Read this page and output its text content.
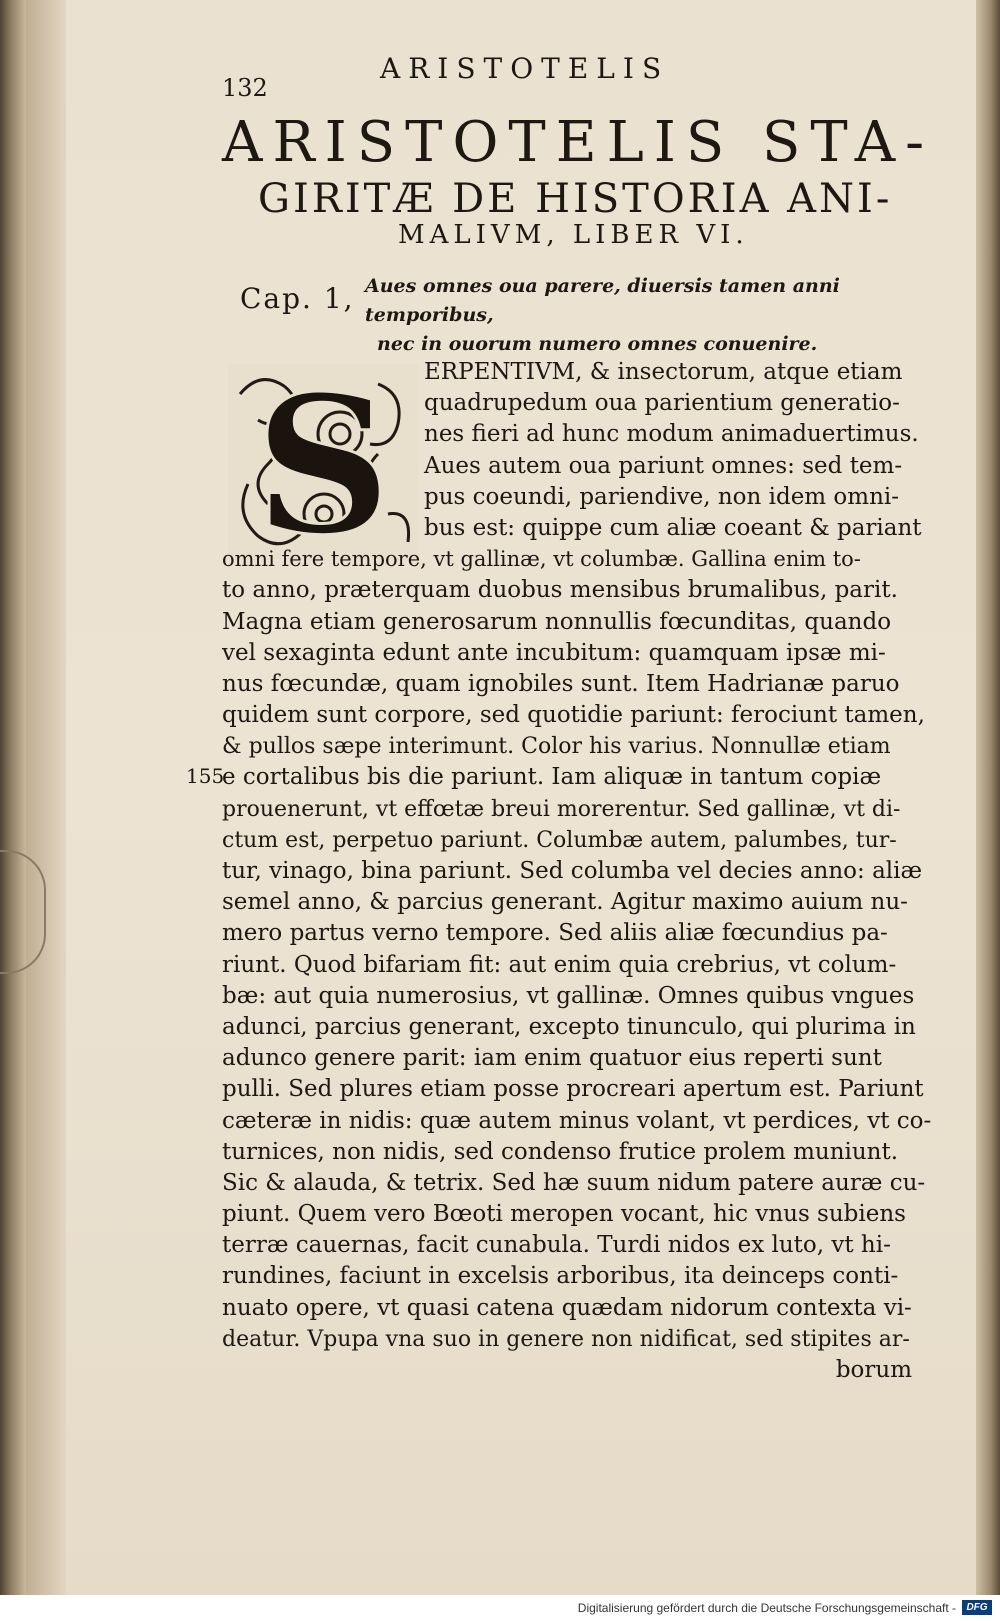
132
ARISTOTELIS
ARISTOTELIS STA-
GIRITÆ DE HISTORIA ANI-
MALIVM, LIBER VI.
Cap. 1, Aues omnes oua parere, diuersis tamen anni temporibus,
nec in ouorum numero omnes conuenire.
S
155
ERPENTIVM, & insectorum, atque etiam
quadrupedum oua parientium generatio-
nes fieri ad hunc modum animaduertimus.
Aues autem oua pariunt omnes: sed tem-
pus coeundi, pariendive, non idem omni-
bus est: quippe cum aliæ coeant & pariant
omni fere tempore, vt gallinæ, vt columbæ. Gallina enim to-
to anno, præterquam duobus mensibus brumalibus, parit.
Magna etiam generosarum nonnullis fœcunditas, quando
vel sexaginta edunt ante incubitum: quamquam ipsæ mi-
nus fœcundæ, quam ignobiles sunt. Item Hadrianæ paruo
quidem sunt corpore, sed quotidie pariunt: ferociunt tamen,
& pullos sæpe interimunt. Color his varius. Nonnullæ etiam
e cortalibus bis die pariunt. Iam aliquæ in tantum copiæ
prouenerunt, vt effœtæ breui morerentur. Sed gallinæ, vt di-
ctum est, perpetuo pariunt. Columbæ autem, palumbes, tur-
tur, vinago, bina pariunt. Sed columba vel decies anno: aliæ
semel anno, & parcius generant. Agitur maximo auium nu-
mero partus verno tempore. Sed aliis aliæ fœcundius pa-
riunt. Quod bifariam fit: aut enim quia crebrius, vt colum-
bæ: aut quia numerosius, vt gallinæ. Omnes quibus vngues
adunci, parcius generant, excepto tinunculo, qui plurima in
adunco genere parit: iam enim quatuor eius reperti sunt
pulli. Sed plures etiam posse procreari apertum est. Pariunt
cæteræ in nidis: quæ autem minus volant, vt perdices, vt co-
turnices, non nidis, sed condenso frutice prolem muniunt.
Sic & alauda, & tetrix. Sed hæ suum nidum patere auræ cu-
piunt. Quem vero Bœoti meropen vocant, hic vnus subiens
terræ cauernas, facit cunabula. Turdi nidos ex luto, vt hi-
rundines, faciunt in excelsis arboribus, ita deinceps conti-
nuato opere, vt quasi catena quædam nidorum contexta vi-
deatur. Vpupa vna suo in genere non nidificat, sed stipites ar-
borum
Digitalisierung gefördert durch die Deutsche Forschungsgemeinschaft -	DFG
